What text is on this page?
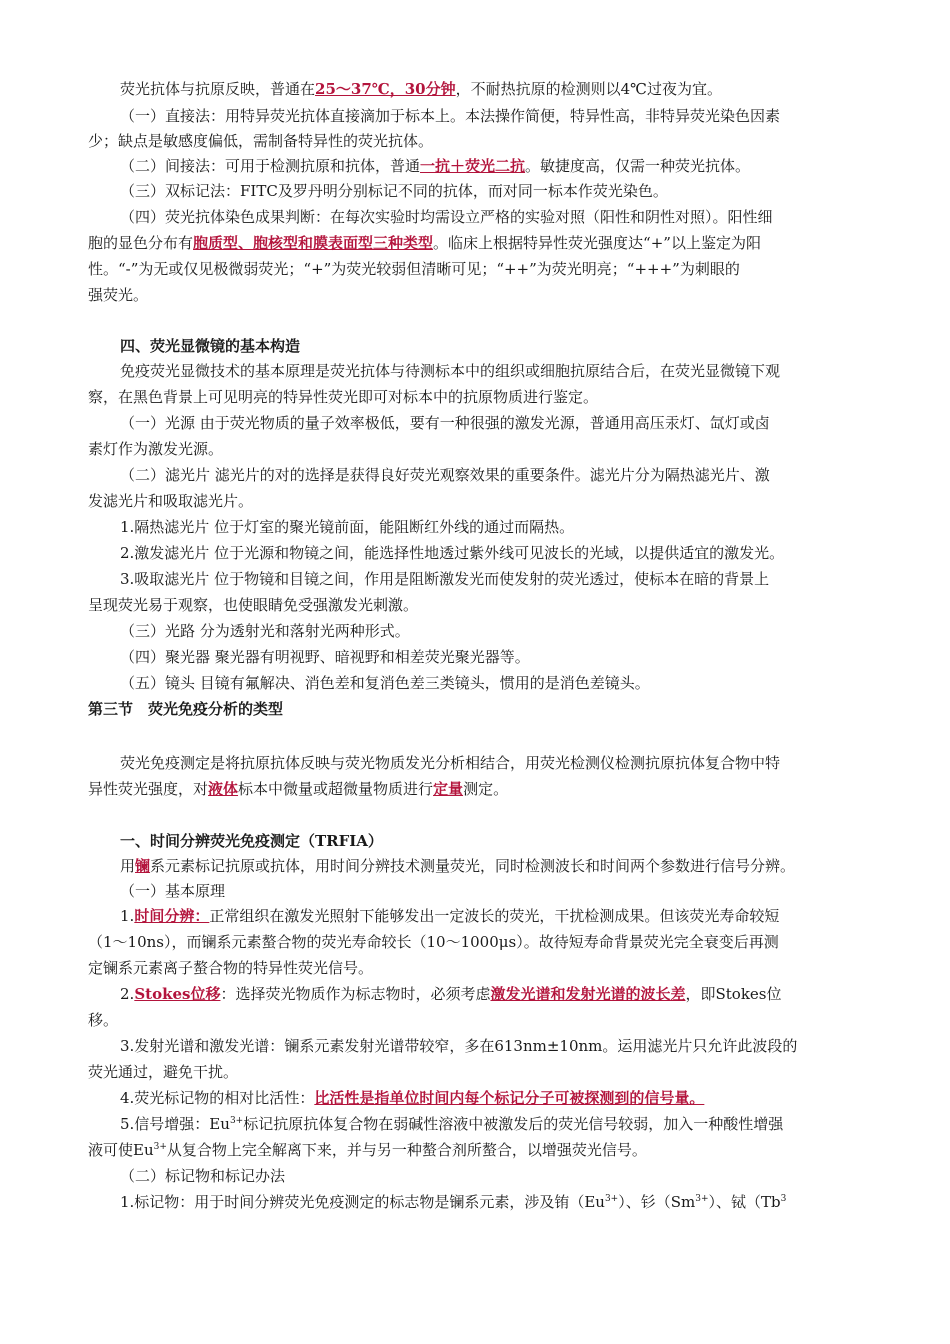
荧光抗体与抗原反映，普通在25～37℃，30分钟，不耐热抗原的检测则以4℃过夜为宜。
（一）直接法：用特异荧光抗体直接滴加于标本上。本法操作简便，特异性高，非特异荧光染色因素
少；缺点是敏感度偏低，需制备特异性的荧光抗体。
（二）间接法：可用于检测抗原和抗体，普通一抗＋荧光二抗。敏捷度高，仅需一种荧光抗体。
（三）双标记法：FITC及罗丹明分别标记不同的抗体，而对同一标本作荧光染色。
（四）荧光抗体染色成果判断：在每次实验时均需设立严格的实验对照（阳性和阴性对照）。阳性细
胞的显色分布有胞质型、胞核型和膜表面型三种类型。临床上根据特异性荧光强度达“+”以上鉴定为阳
性。“-”为无或仅见极微弱荧光；“+”为荧光较弱但清晰可见；“++”为荧光明亮；“+++”为刺眼的
强荧光。
四、荧光显微镜的基本构造
免疫荧光显微技术的基本原理是荧光抗体与待测标本中的组织或细胞抗原结合后，在荧光显微镜下观
察，在黑色背景上可见明亮的特异性荧光即可对标本中的抗原物质进行鉴定。
（一）光源 由于荧光物质的量子效率极低，要有一种很强的激发光源，普通用高压汞灯、氙灯或卤
素灯作为激发光源。
（二）滤光片 滤光片的对的选择是获得良好荧光观察效果的重要条件。滤光片分为隔热滤光片、激
发滤光片和吸取滤光片。
1.隔热滤光片 位于灯室的聚光镜前面，能阻断红外线的通过而隔热。
2.激发滤光片 位于光源和物镜之间，能选择性地透过紫外线可见波长的光域，以提供适宜的激发光。
3.吸取滤光片 位于物镜和目镜之间，作用是阻断激发光而使发射的荧光透过，使标本在暗的背景上
呈现荧光易于观察，也使眼睛免受强激发光刺激。
（三）光路 分为透射光和落射光两种形式。
（四）聚光器 聚光器有明视野、暗视野和相差荧光聚光器等。
（五）镜头 目镜有氟解决、消色差和复消色差三类镜头，惯用的是消色差镜头。
第三节　荧光免疫分析的类型
荧光免疫测定是将抗原抗体反映与荧光物质发光分析相结合，用荧光检测仪检测抗原抗体复合物中特
异性荧光强度，对液体标本中微量或超微量物质进行定量测定。
一、时间分辨荧光免疫测定（TRFIA）
用镧系元素标记抗原或抗体，用时间分辨技术测量荧光，同时检测波长和时间两个参数进行信号分辨。
（一）基本原理
1.时间分辨：正常组织在激发光照射下能够发出一定波长的荧光，干扰检测成果。但该荧光寿命较短
（1～10ns），而镧系元素螯合物的荧光寿命较长（10～1000μs）。故待短寿命背景荧光完全衰变后再测
定镧系元素离子螯合物的特异性荧光信号。
2.Stokes位移：选择荧光物质作为标志物时，必须考虑激发光谱和发射光谱的波长差，即Stokes位
移。
3.发射光谱和激发光谱：镧系元素发射光谱带较窄，多在613nm±10nm。运用滤光片只允许此波段的
荧光通过，避免干扰。
4.荧光标记物的相对比活性：比活性是指单位时间内每个标记分子可被探测到的信号量。
5.信号增强：$Eu^{3+}$标记抗原抗体复合物在弱碱性溶液中被激发后的荧光信号较弱，加入一种酸性增强
液可使$Eu^{3+}$从复合物上完全解离下来，并与另一种螯合剂所螯合，以增强荧光信号。
（二）标记物和标记办法
1.标记物：用于时间分辨荧光免疫测定的标志物是镧系元素，涉及铕$(Eu^{3+})$、钐$(Sm^{3+})$、铽（Tb$^3$
